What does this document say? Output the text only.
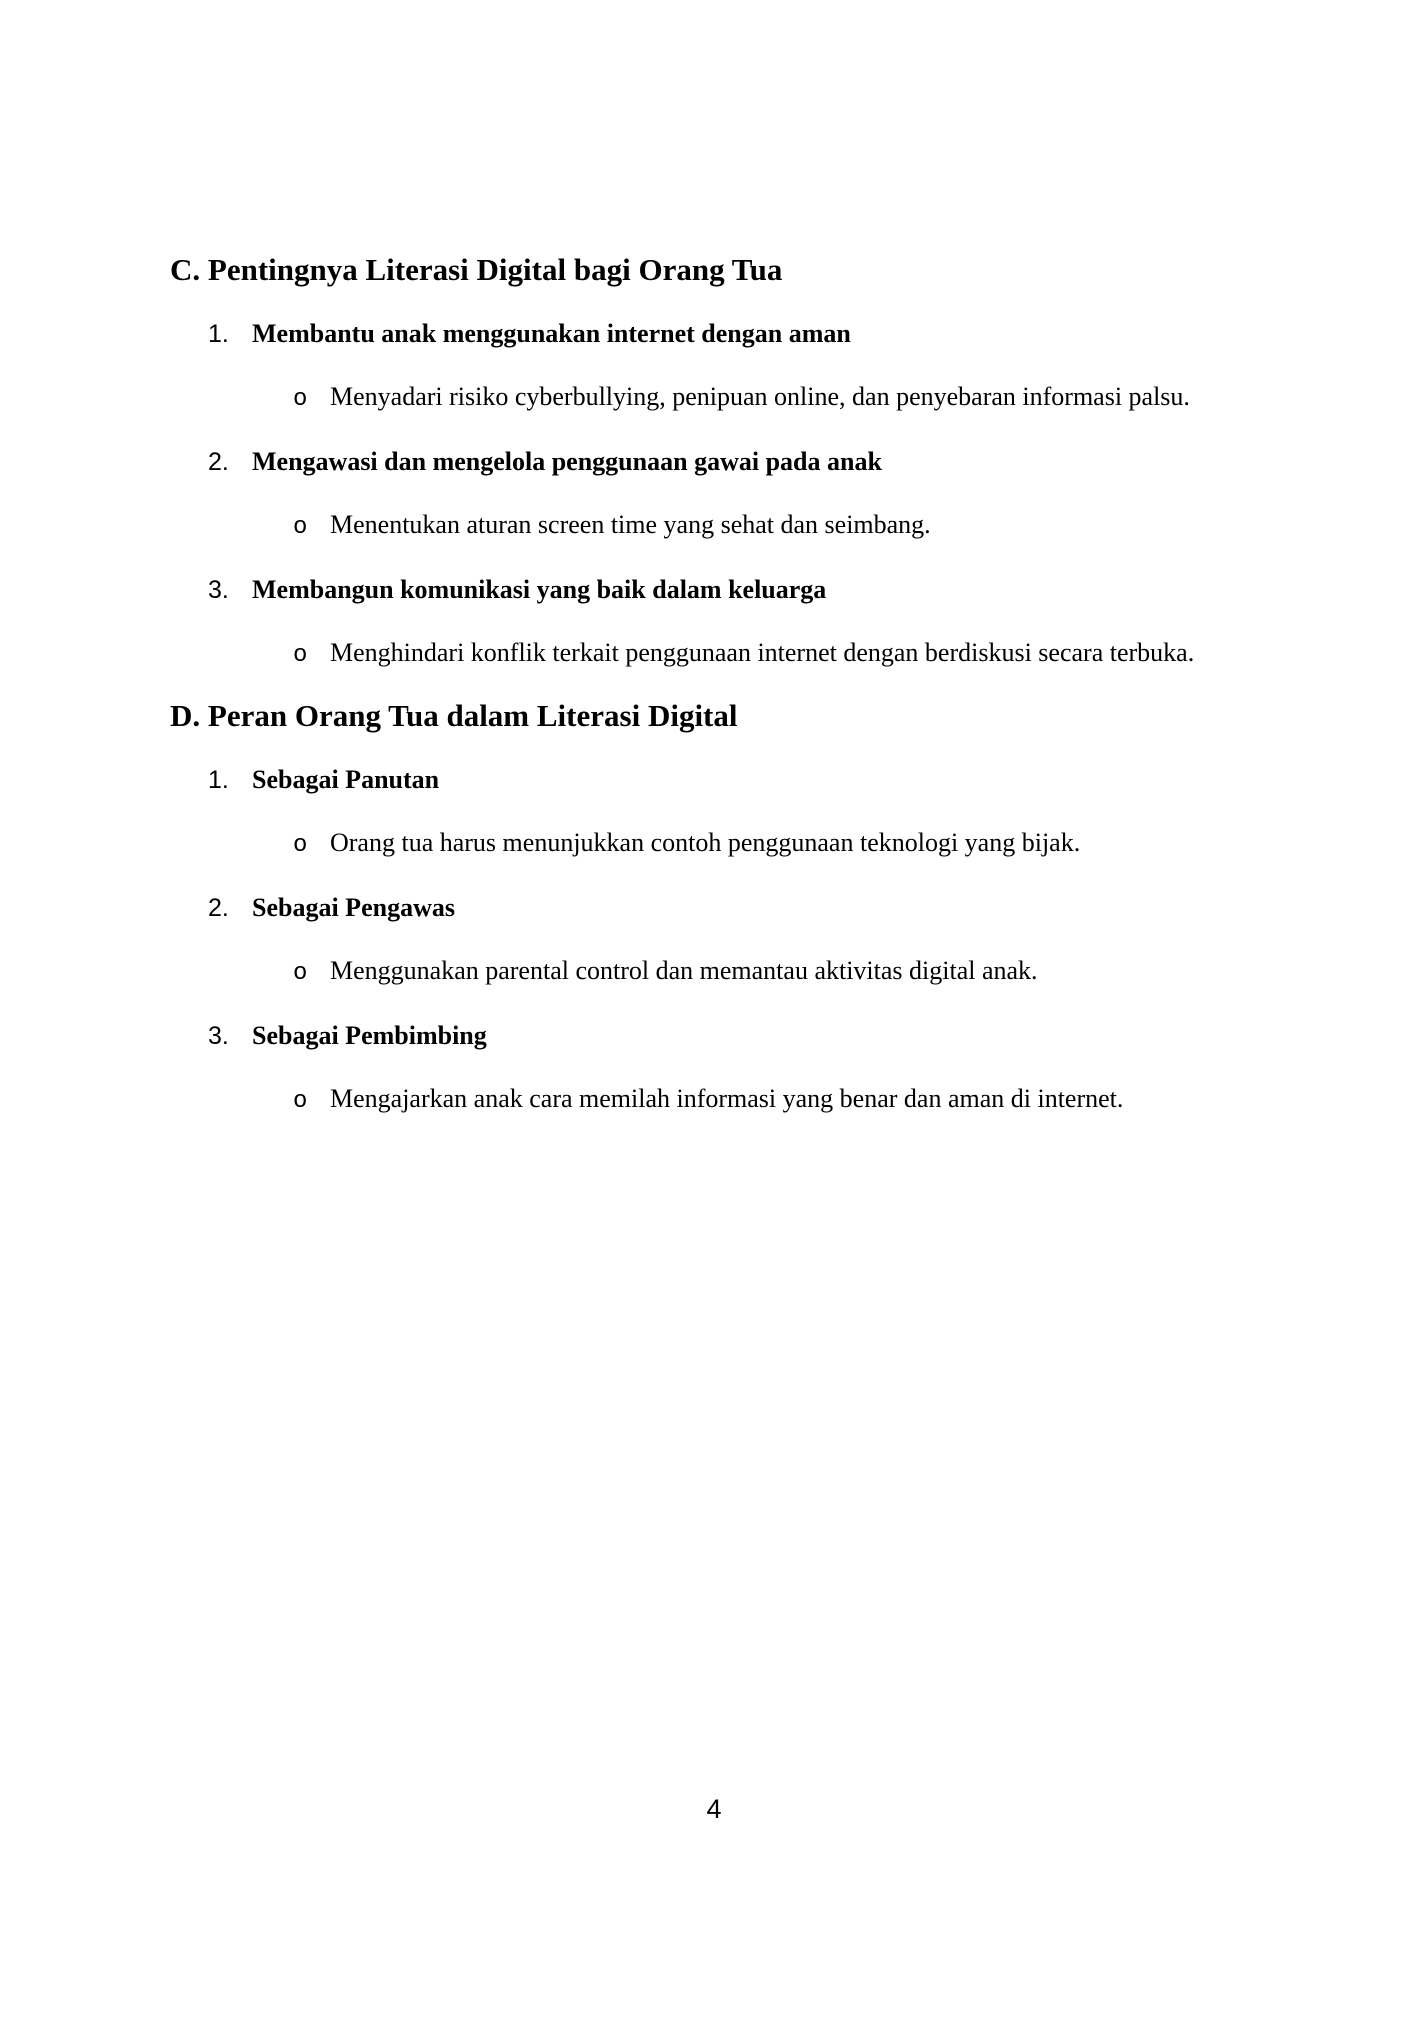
C. Pentingnya Literasi Digital bagi Orang Tua
1. Membantu anak menggunakan internet dengan aman
o Menyadari risiko cyberbullying, penipuan online, dan penyebaran informasi palsu.
2. Mengawasi dan mengelola penggunaan gawai pada anak
o Menentukan aturan screen time yang sehat dan seimbang.
3. Membangun komunikasi yang baik dalam keluarga
o Menghindari konflik terkait penggunaan internet dengan berdiskusi secara terbuka.
D. Peran Orang Tua dalam Literasi Digital
1. Sebagai Panutan
o Orang tua harus menunjukkan contoh penggunaan teknologi yang bijak.
2. Sebagai Pengawas
o Menggunakan parental control dan memantau aktivitas digital anak.
3. Sebagai Pembimbing
o Mengajarkan anak cara memilah informasi yang benar dan aman di internet.
4
